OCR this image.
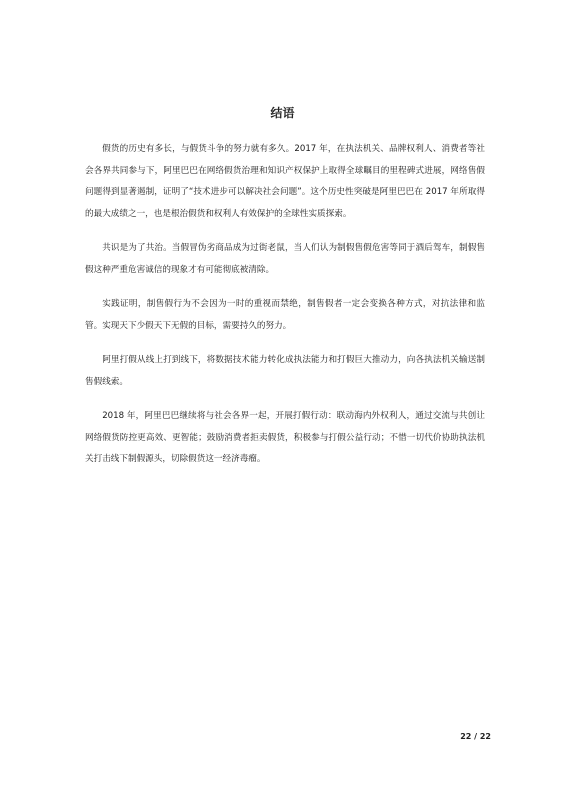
结语

假货的历史有多长，与假货斗争的努力就有多久。2017 年，在执法机关、品牌权利人、消费者等社会各界共同参与下，阿里巴巴在网络假货治理和知识产权保护上取得全球瞩目的里程碑式进展，网络售假问题得到显著遏制，证明了“技术进步可以解决社会问题”。这个历史性突破是阿里巴巴在 2017 年所取得的最大成绩之一，也是根治假货和权利人有效保护的全球性实质探索。

共识是为了共治。当假冒伪劣商品成为过街老鼠，当人们认为制假售假危害等同于酒后驾车，制假售假这种严重危害诚信的现象才有可能彻底被清除。

实践证明，制售假行为不会因为一时的重视而禁绝，制售假者一定会变换各种方式，对抗法律和监管。实现天下少假天下无假的目标，需要持久的努力。

阿里打假从线上打到线下，将数据技术能力转化成执法能力和打假巨大推动力，向各执法机关输送制售假线索。

2018 年，阿里巴巴继续将与社会各界一起，开展打假行动：联动海内外权利人，通过交流与共创让网络假货防控更高效、更智能；鼓励消费者拒卖假货，积极参与打假公益行动；不惜一切代价协助执法机关打击线下制假源头，切除假货这一经济毒瘤。

22 / 22
